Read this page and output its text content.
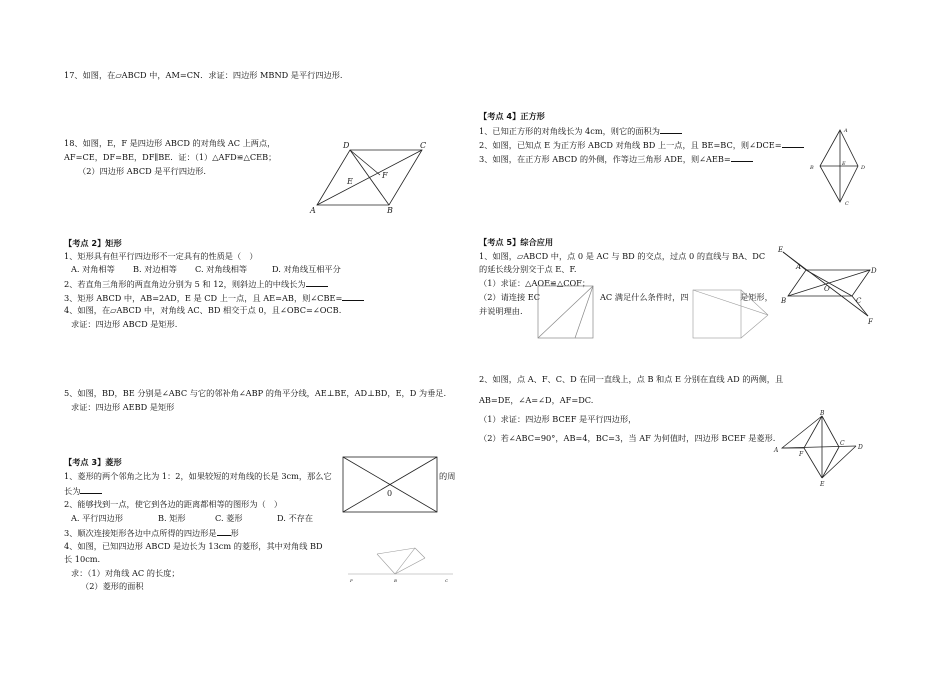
17、如图，在▱ABCD 中，AM=CN．求证：四边形 MBND 是平行四边形.
18、如图，E，F 是四边形 ABCD 的对角线 AC 上两点，
AF=CE，DF=BE，DF∥BE．证：（1）△AFD≌△CEB；
（2）四边形 ABCD 是平行四边形.
D	C
A	B
E
F
【考点 2】矩形
1、矩形具有但平行四边形不一定具有的性质是（　）
A. 对角相等 B. 对边相等 C. 对角线相等	D. 对角线互相平分
2、若直角三角形的两直角边分别为 5 和 12，则斜边上的中线长为
3、矩形 ABCD 中，AB=2AD，E 是 CD 上一点，且 AE=AB，则∠CBE=
4、如图，在▱ABCD 中，对角线 AC、BD 相交于点 0，且∠OBC=∠OCB.
求证：四边形 ABCD 是矩形.
5、如图，BD，BE 分别是∠ABC 与它的邻补角∠ABP 的角平分线，AE⊥BE，AD⊥BD，E，D 为垂足.
求证：四边形 AEBD 是矩形
【考点 3】菱形
1、菱形的两个邻角之比为 1：2，如果较短的对角线的长是 3cm，那么它	的周
长为
2、能够找到一点，使它到各边的距离都相等的图形为（　）
A. 平行四边形	B. 矩形	C. 菱形	D. 不存在
3、顺次连接矩形各边中点所得的四边形是 形
4、如图，已知四边形 ABCD 是边长为 13cm 的菱形，其中对角线 BD
长 10cm.
求：（1）对角线 AC 的长度；
（2）菱形的面积
0
P	B	C
【考点 4】正方形
1、已知正方形的对角线长为 4cm，则它的面积为
2、如图，已知点 E 为正方形 ABCD 对角线 BD 上一点，且 BE=BC，则∠DCE=
3、如图，在正方形 ABCD 的外侧，作等边三角形 ADE，则∠AEB=
A
B
E
D
C
【考点 5】综合应用
1、如图，▱ABCD 中，点 0 是 AC 与 BD 的交点，过点 0 的直线与 BA、DC
的延长线分别交于点 E、F.
（1）求证：△AOE≌△COF；
（2）请连接 EC	AC 满足什么条件时，四	是矩形，
并说明理由.
E
A	D
B	C
O
F
2、如图，点 A、F、C、D 在同一直线上，点 B 和点 E 分别在直线 AD 的两侧，且
AB=DE，∠A=∠D，AF=DC.
（1）求证：四边形 BCEF 是平行四边形，
（2）若∠ABC=90°，AB=4，BC=3，当 AF 为何值时，四边形 BCEF 是菱形.
B
A
F
C
D
E
